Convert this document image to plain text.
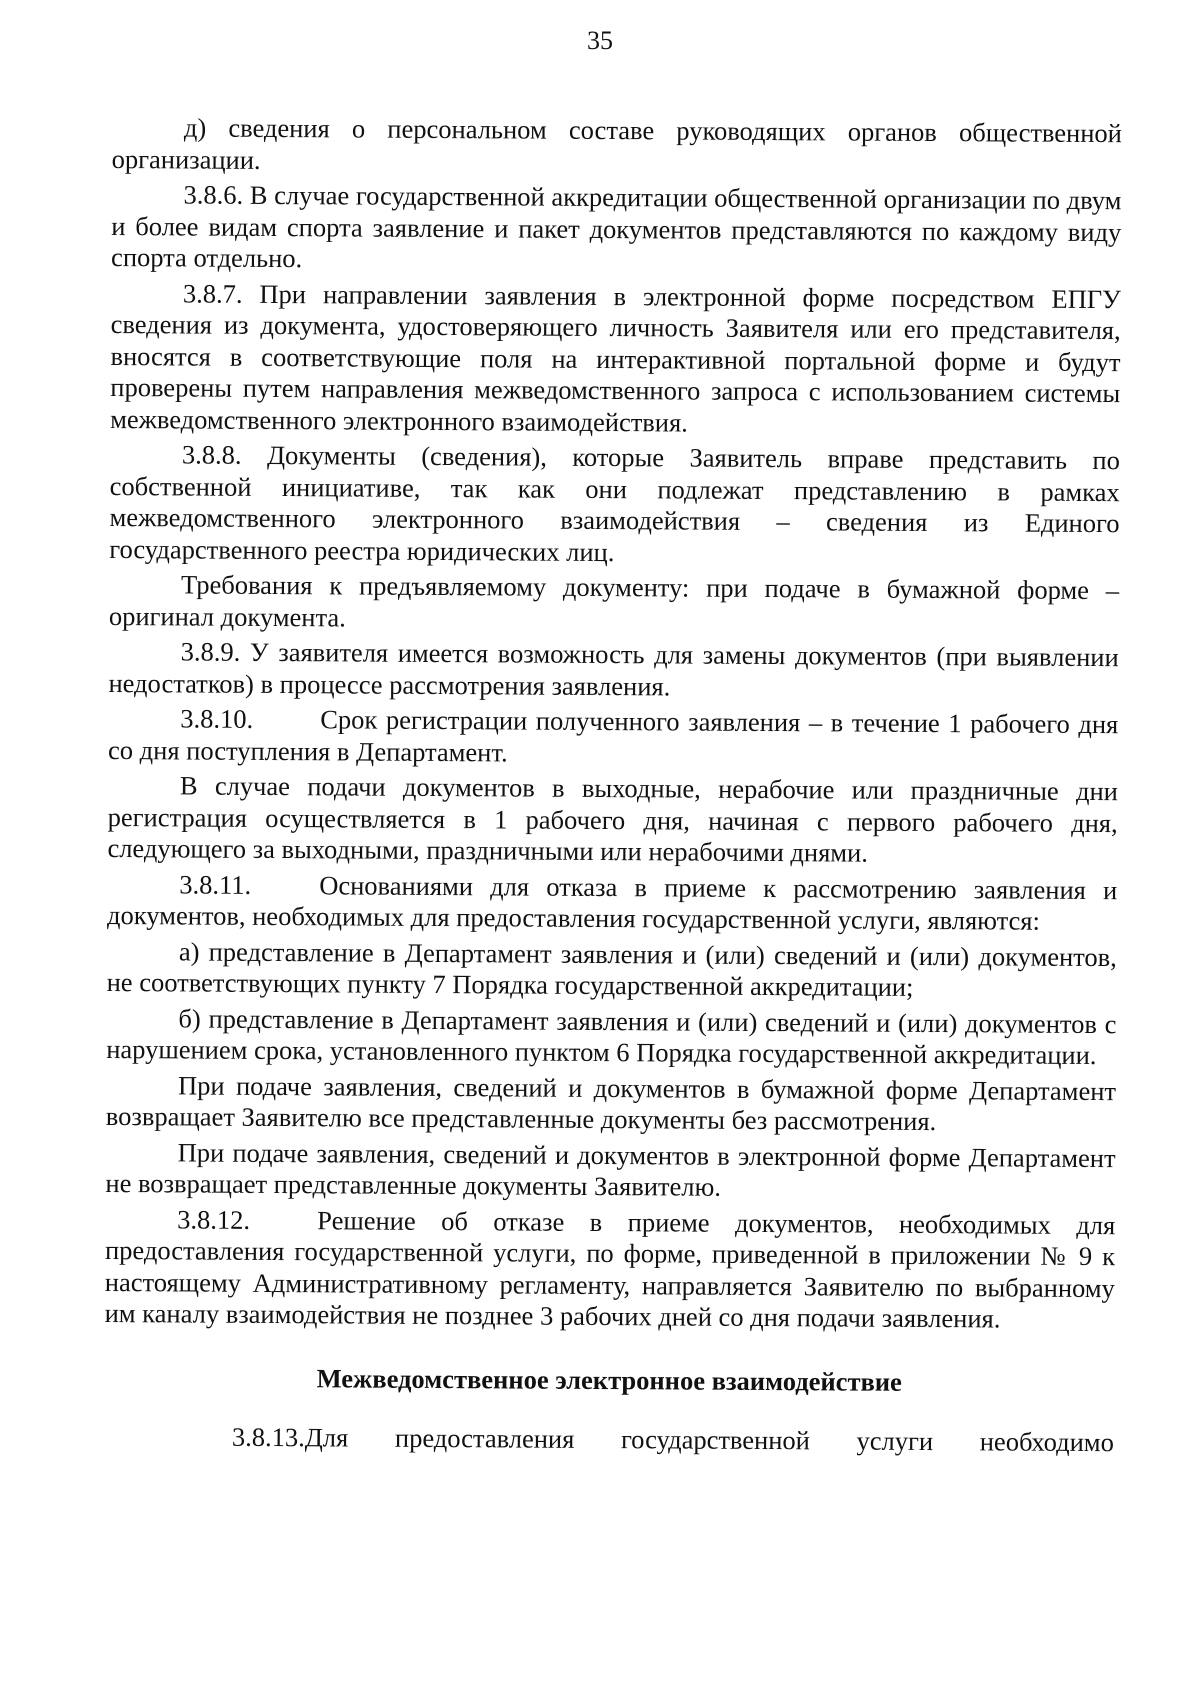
35

д) сведения о персональном составе руководящих органов общественной организации.

3.8.6. В случае государственной аккредитации общественной организации по двум и более видам спорта заявление и пакет документов представляются по каждому виду спорта отдельно.

3.8.7. При направлении заявления в электронной форме посредством ЕПГУ сведения из документа, удостоверяющего личность Заявителя или его представителя, вносятся в соответствующие поля на интерактивной портальной форме и будут проверены путем направления межведомственного запроса с использованием системы межведомственного электронного взаимодействия.

3.8.8. Документы (сведения), которые Заявитель вправе представить по собственной инициативе, так как они подлежат представлению в рамках межведомственного электронного взаимодействия – сведения из Единого государственного реестра юридических лиц.

Требования к предъявляемому документу: при подаче в бумажной форме – оригинал документа.

3.8.9. У заявителя имеется возможность для замены документов (при выявлении недостатков) в процессе рассмотрения заявления.

3.8.10.	Срок регистрации полученного заявления – в течение 1 рабочего дня со дня поступления в Департамент.

В случае подачи документов в выходные, нерабочие или праздничные дни регистрация осуществляется в 1 рабочего дня, начиная с первого рабочего дня, следующего за выходными, праздничными или нерабочими днями.

3.8.11.	Основаниями для отказа в приеме к рассмотрению заявления и документов, необходимых для предоставления государственной услуги, являются:

а) представление в Департамент заявления и (или) сведений и (или) документов, не соответствующих пункту 7 Порядка государственной аккредитации;

б) представление в Департамент заявления и (или) сведений и (или) документов с нарушением срока, установленного пунктом 6 Порядка государственной аккредитации.

При подаче заявления, сведений и документов в бумажной форме Департамент возвращает Заявителю все представленные документы без рассмотрения.

При подаче заявления, сведений и документов в электронной форме Департамент не возвращает представленные документы Заявителю.

3.8.12.	Решение об отказе в приеме документов, необходимых для предоставления государственной услуги, по форме, приведенной в приложении № 9 к настоящему Административному регламенту, направляется Заявителю по выбранному им каналу взаимодействия не позднее 3 рабочих дней со дня подачи заявления.

Межведомственное электронное взаимодействие

3.8.13.Для предоставления государственной услуги необходимо
